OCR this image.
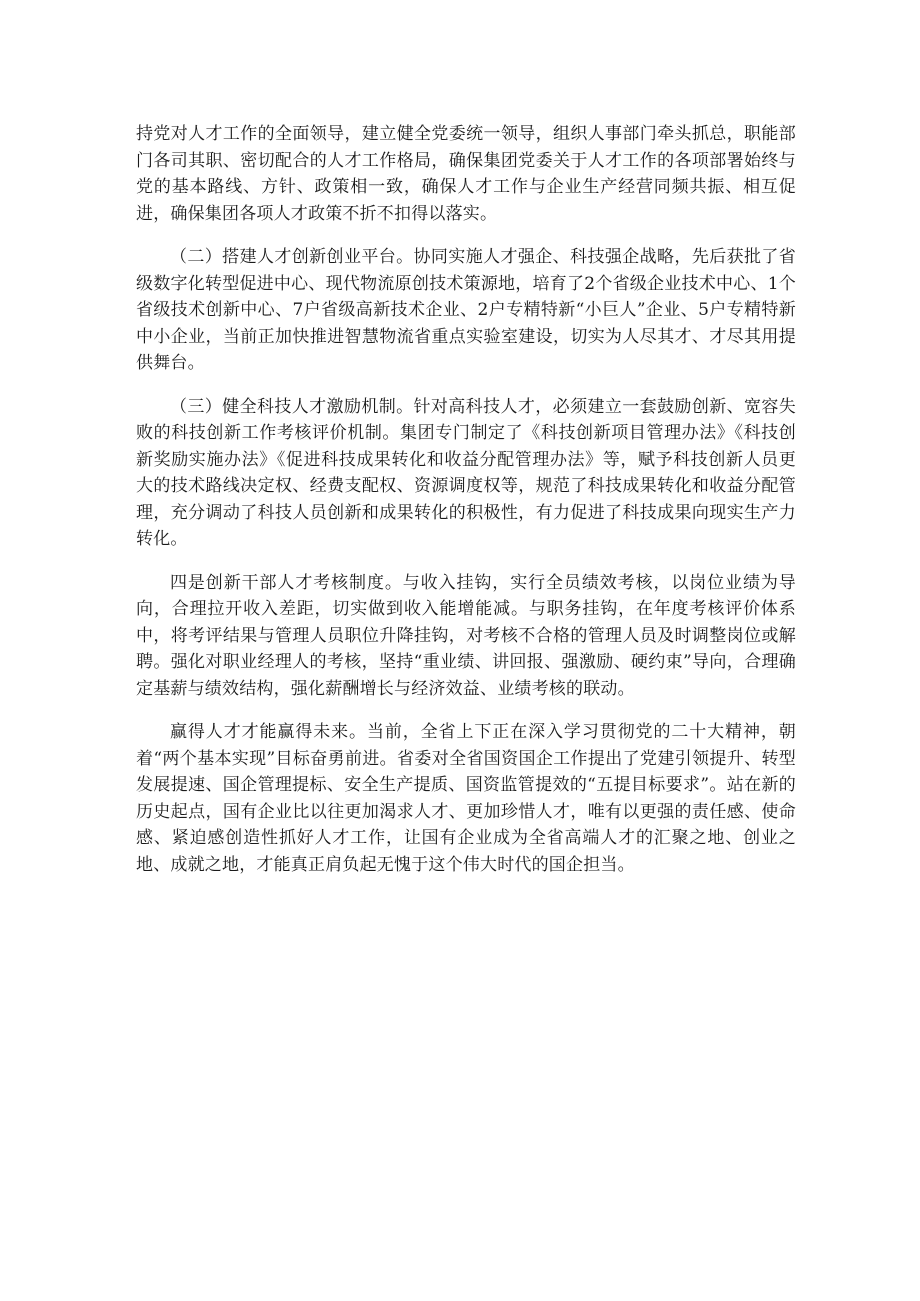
持党对人才工作的全面领导，建立健全党委统一领导，组织人事部门牵头抓总，职能部门各司其职、密切配合的人才工作格局，确保集团党委关于人才工作的各项部署始终与党的基本路线、方针、政策相一致，确保人才工作与企业生产经营同频共振、相互促进，确保集团各项人才政策不折不扣得以落实。

（二）搭建人才创新创业平台。协同实施人才强企、科技强企战略，先后获批了省级数字化转型促进中心、现代物流原创技术策源地，培育了2个省级企业技术中心、1个省级技术创新中心、7户省级高新技术企业、2户专精特新“小巨人”企业、5户专精特新中小企业，当前正加快推进智慧物流省重点实验室建设，切实为人尽其才、才尽其用提供舞台。

（三）健全科技人才激励机制。针对高科技人才，必须建立一套鼓励创新、宽容失败的科技创新工作考核评价机制。集团专门制定了《科技创新项目管理办法》《科技创新奖励实施办法》《促进科技成果转化和收益分配管理办法》等，赋予科技创新人员更大的技术路线决定权、经费支配权、资源调度权等，规范了科技成果转化和收益分配管理，充分调动了科技人员创新和成果转化的积极性，有力促进了科技成果向现实生产力转化。

四是创新干部人才考核制度。与收入挂钩，实行全员绩效考核，以岗位业绩为导向，合理拉开收入差距，切实做到收入能增能减。与职务挂钩，在年度考核评价体系中，将考评结果与管理人员职位升降挂钩，对考核不合格的管理人员及时调整岗位或解聘。强化对职业经理人的考核，坚持“重业绩、讲回报、强激励、硬约束”导向，合理确定基薪与绩效结构，强化薪酬增长与经济效益、业绩考核的联动。

赢得人才才能赢得未来。当前，全省上下正在深入学习贯彻党的二十大精神，朝着“两个基本实现”目标奋勇前进。省委对全省国资国企工作提出了党建引领提升、转型发展提速、国企管理提标、安全生产提质、国资监管提效的“五提目标要求”。站在新的历史起点，国有企业比以往更加渴求人才、更加珍惜人才，唯有以更强的责任感、使命感、紧迫感创造性抓好人才工作，让国有企业成为全省高端人才的汇聚之地、创业之地、成就之地，才能真正肩负起无愧于这个伟大时代的国企担当。
